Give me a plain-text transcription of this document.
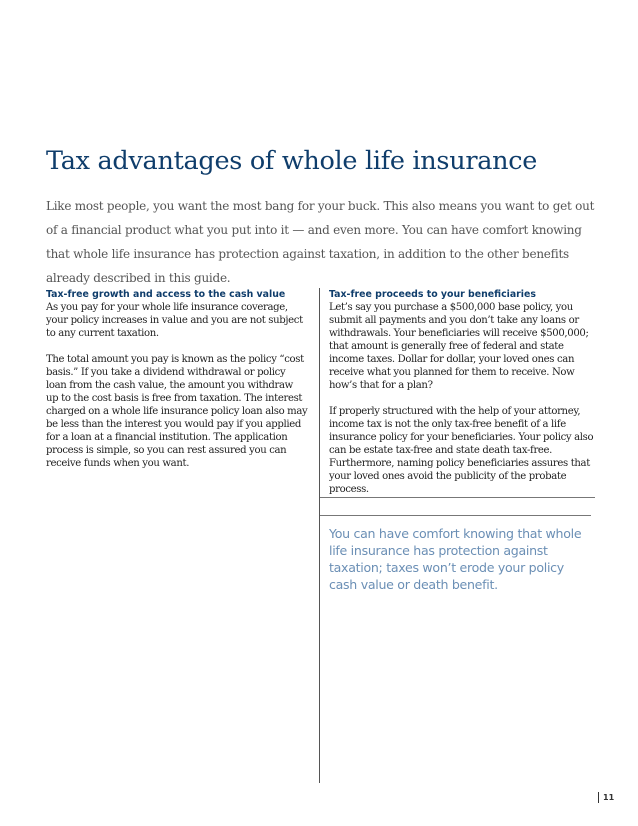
Tax advantages of whole life insurance

Like most people, you want the most bang for your buck. This also means you want to get out of a financial product what you put into it — and even more. You can have comfort knowing that whole life insurance has protection against taxation, in addition to the other benefits already described in this guide.

Tax-free growth and access to the cash value

As you pay for your whole life insurance coverage, your policy increases in value and you are not subject to any current taxation.

The total amount you pay is known as the policy “cost basis.” If you take a dividend withdrawal or policy loan from the cash value, the amount you withdraw up to the cost basis is free from taxation. The interest charged on a whole life insurance policy loan also may be less than the interest you would pay if you applied for a loan at a financial institution. The application process is simple, so you can rest assured you can receive funds when you want.

Tax-free proceeds to your beneficiaries

Let’s say you purchase a $500,000 base policy, you submit all payments and you don’t take any loans or withdrawals. Your beneficiaries will receive $500,000; that amount is generally free of federal and state income taxes. Dollar for dollar, your loved ones can receive what you planned for them to receive. Now how’s that for a plan?

If properly structured with the help of your attorney, income tax is not the only tax-free benefit of a life insurance policy for your beneficiaries. Your policy also can be estate tax-free and state death tax-free. Furthermore, naming policy beneficiaries assures that your loved ones avoid the publicity of the probate process.

You can have comfort knowing that whole life insurance has protection against taxation; taxes won’t erode your policy cash value or death benefit.

11
